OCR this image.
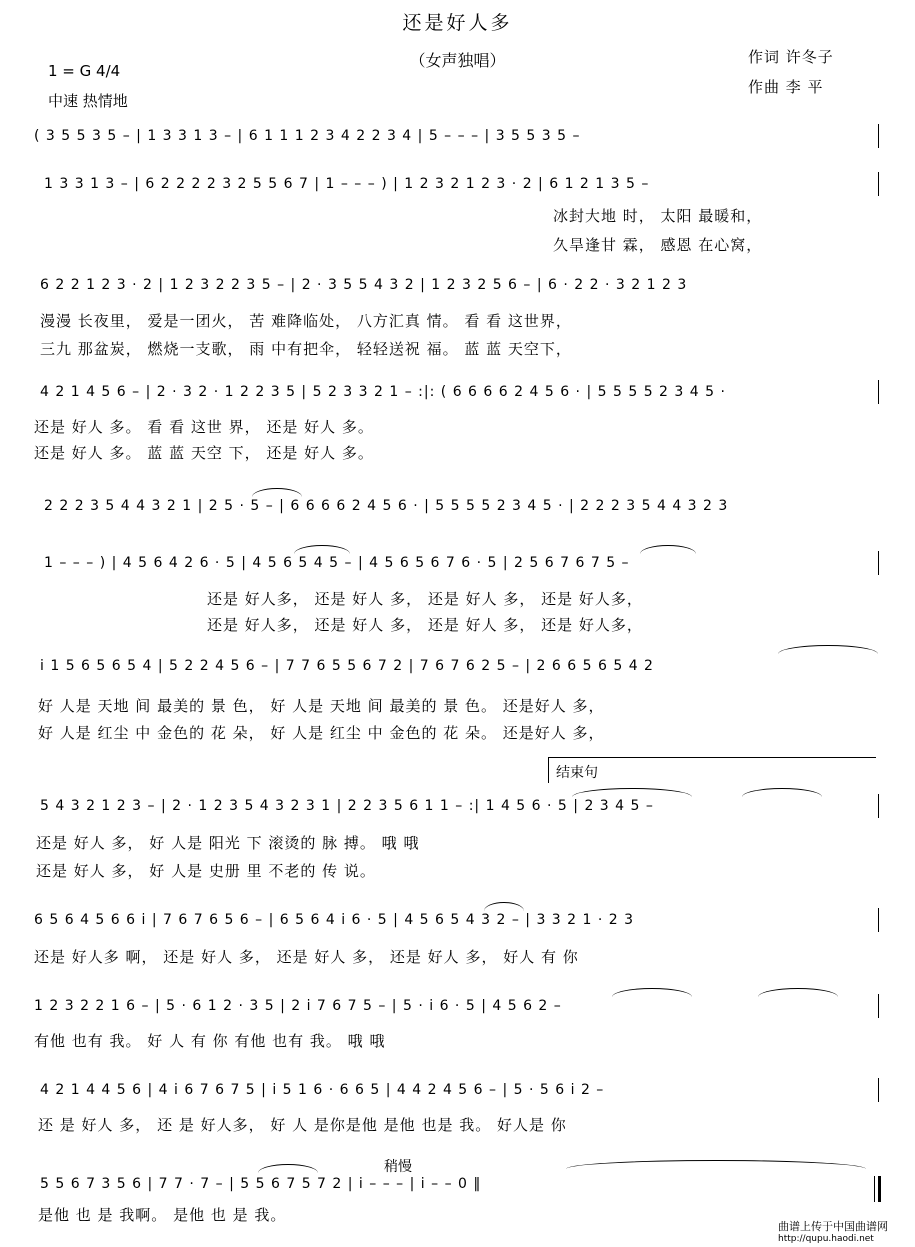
还是好人多
（女声独唱）
1 = G 4/4
中速 热情地
作词 许冬子
作曲 李 平
( 3 5 5 3 5 – | 1 3 3 1 3 – | 6 1 1 1 2 3 4 2 2 3 4 | 5 – – – | 3 5 5 3 5 –
1 3 3 1 3 – | 6 2 2 2 2 3 2 5 5 6 7 | 1 – – – ) | 1 2 3 2 1 2 3 · 2 | 6 1 2 1 3 5 –
冰封大地 时， 太阳 最暖和，
久旱逢甘 霖， 感恩 在心窝，
6 2 2 1 2 3 · 2 | 1 2 3 2 2 3 5 – | 2 · 3 5 5 4 3 2 | 1 2 3 2 5 6 – | 6 · 2 2 · 3 2 1 2 3
漫漫 长夜里， 爱是一团火， 苦 难降临处， 八方汇真 情。 看 看 这世界，
三九 那盆炭， 燃烧一支歌， 雨 中有把伞， 轻轻送祝 福。 蓝 蓝 天空下，
4 2 1 4 5 6 – | 2 · 3 2 · 1 2 2 3 5 | 5 2 3 3 2 1 – :|: ( 6 6 6 6 2 4 5 6 · | 5 5 5 5 2 3 4 5 ·
还是 好人 多。 看 看 这世 界， 还是 好人 多。
还是 好人 多。 蓝 蓝 天空 下， 还是 好人 多。
2 2 2 3 5 4 4 3 2 1 | 2 5 · 5 – | 6 6 6 6 2 4 5 6 · | 5 5 5 5 2 3 4 5 · | 2 2 2 3 5 4 4 3 2 3
1 – – – ) | 4 5 6 4 2 6 · 5 | 4 5 6 5 4 5 – | 4 5 6 5 6 7 6 · 5 | 2 5 6 7 6 7 5 –
还是 好人多， 还是 好人 多， 还是 好人 多， 还是 好人多，
还是 好人多， 还是 好人 多， 还是 好人 多， 还是 好人多，
i 1 5 6 5 6 5 4 | 5 2 2 4 5 6 – | 7 7 6 5 5 6 7 2 | 7 6 7 6 2 5 – | 2 6 6 5 6 5 4 2
好 人是 天地 间 最美的 景 色， 好 人是 天地 间 最美的 景 色。 还是好人 多，
好 人是 红尘 中 金色的 花 朵， 好 人是 红尘 中 金色的 花 朵。 还是好人 多，
结束句
5 4 3 2 1 2 3 – | 2 · 1 2 3 5 4 3 2 3 1 | 2 2 3 5 6 1 1 – :| 1 4 5 6 · 5 | 2 3 4 5 –
还是 好人 多， 好 人是 阳光 下 滚烫的 脉 搏。 哦 哦
还是 好人 多， 好 人是 史册 里 不老的 传 说。
6 5 6 4 5 6 6 i | 7 6 7 6 5 6 – | 6 5 6 4 i 6 · 5 | 4 5 6 5 4 3 2 – | 3 3 2 1 · 2 3
还是 好人多 啊， 还是 好人 多， 还是 好人 多， 还是 好人 多， 好人 有 你
1 2 3 2 2 1 6 – | 5 · 6 1 2 · 3 5 | 2 i 7 6 7 5 – | 5 · i 6 · 5 | 4 5 6 2 –
有他 也有 我。 好 人 有 你 有他 也有 我。 哦 哦
4 2 1 4 4 5 6 | 4 i 6 7 6 7 5 | i 5 1 6 · 6 6 5 | 4 4 2 4 5 6 – | 5 · 5 6 i 2 –
还 是 好人 多， 还 是 好人多， 好 人 是你是他 是他 也是 我。 好人是 你
稍慢
5 5 6 7 3 5 6 | 7 7 · 7 – | 5 5 6 7 5 7 2 | i – – – | i – – 0 ‖
是他 也 是 我啊。 是他 也 是 我。
曲谱上传于中国曲谱网
http://qupu.haodi.net
